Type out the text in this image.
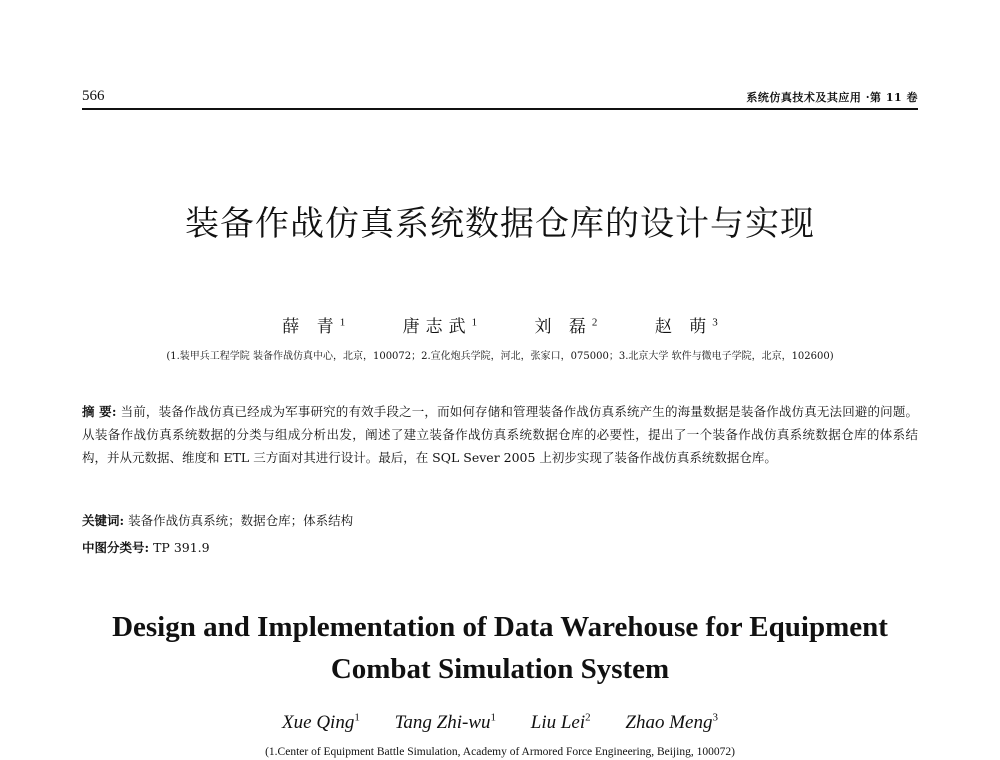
566	系统仿真技术及其应用 ·第 11 卷
装备作战仿真系统数据仓库的设计与实现
薛 青$^1$	唐志武$^1$	刘 磊$^2$	赵 萌$^3$
(1.装甲兵工程学院 装备作战仿真中心，北京，100072；2.宣化炮兵学院，河北，张家口，075000；3.北京大学 软件与微电子学院，北京，102600)
摘 要: 当前，装备作战仿真已经成为军事研究的有效手段之一，而如何存储和管理装备作战仿真系统产生的海量数据是装备作战仿真无法回避的问题。从装备作战仿真系统数据的分类与组成分析出发，阐述了建立装备作战仿真系统数据仓库的必要性，提出了一个装备作战仿真系统数据仓库的体系结构，并从元数据、维度和 ETL 三方面对其进行设计。最后，在 SQL Sever 2005 上初步实现了装备作战仿真系统数据仓库。
关键词: 装备作战仿真系统；数据仓库；体系结构
中图分类号: TP 391.9
Design and Implementation of Data Warehouse for Equipment
Combat Simulation System
Xue Qing$^1$ Tang Zhi-$wu^1$ Liu Lei$^2$ Zhao Meng$^3$
(1.Center of Equipment Battle Simulation, Academy of Armored Force Engineering, Beijing, 100072)
